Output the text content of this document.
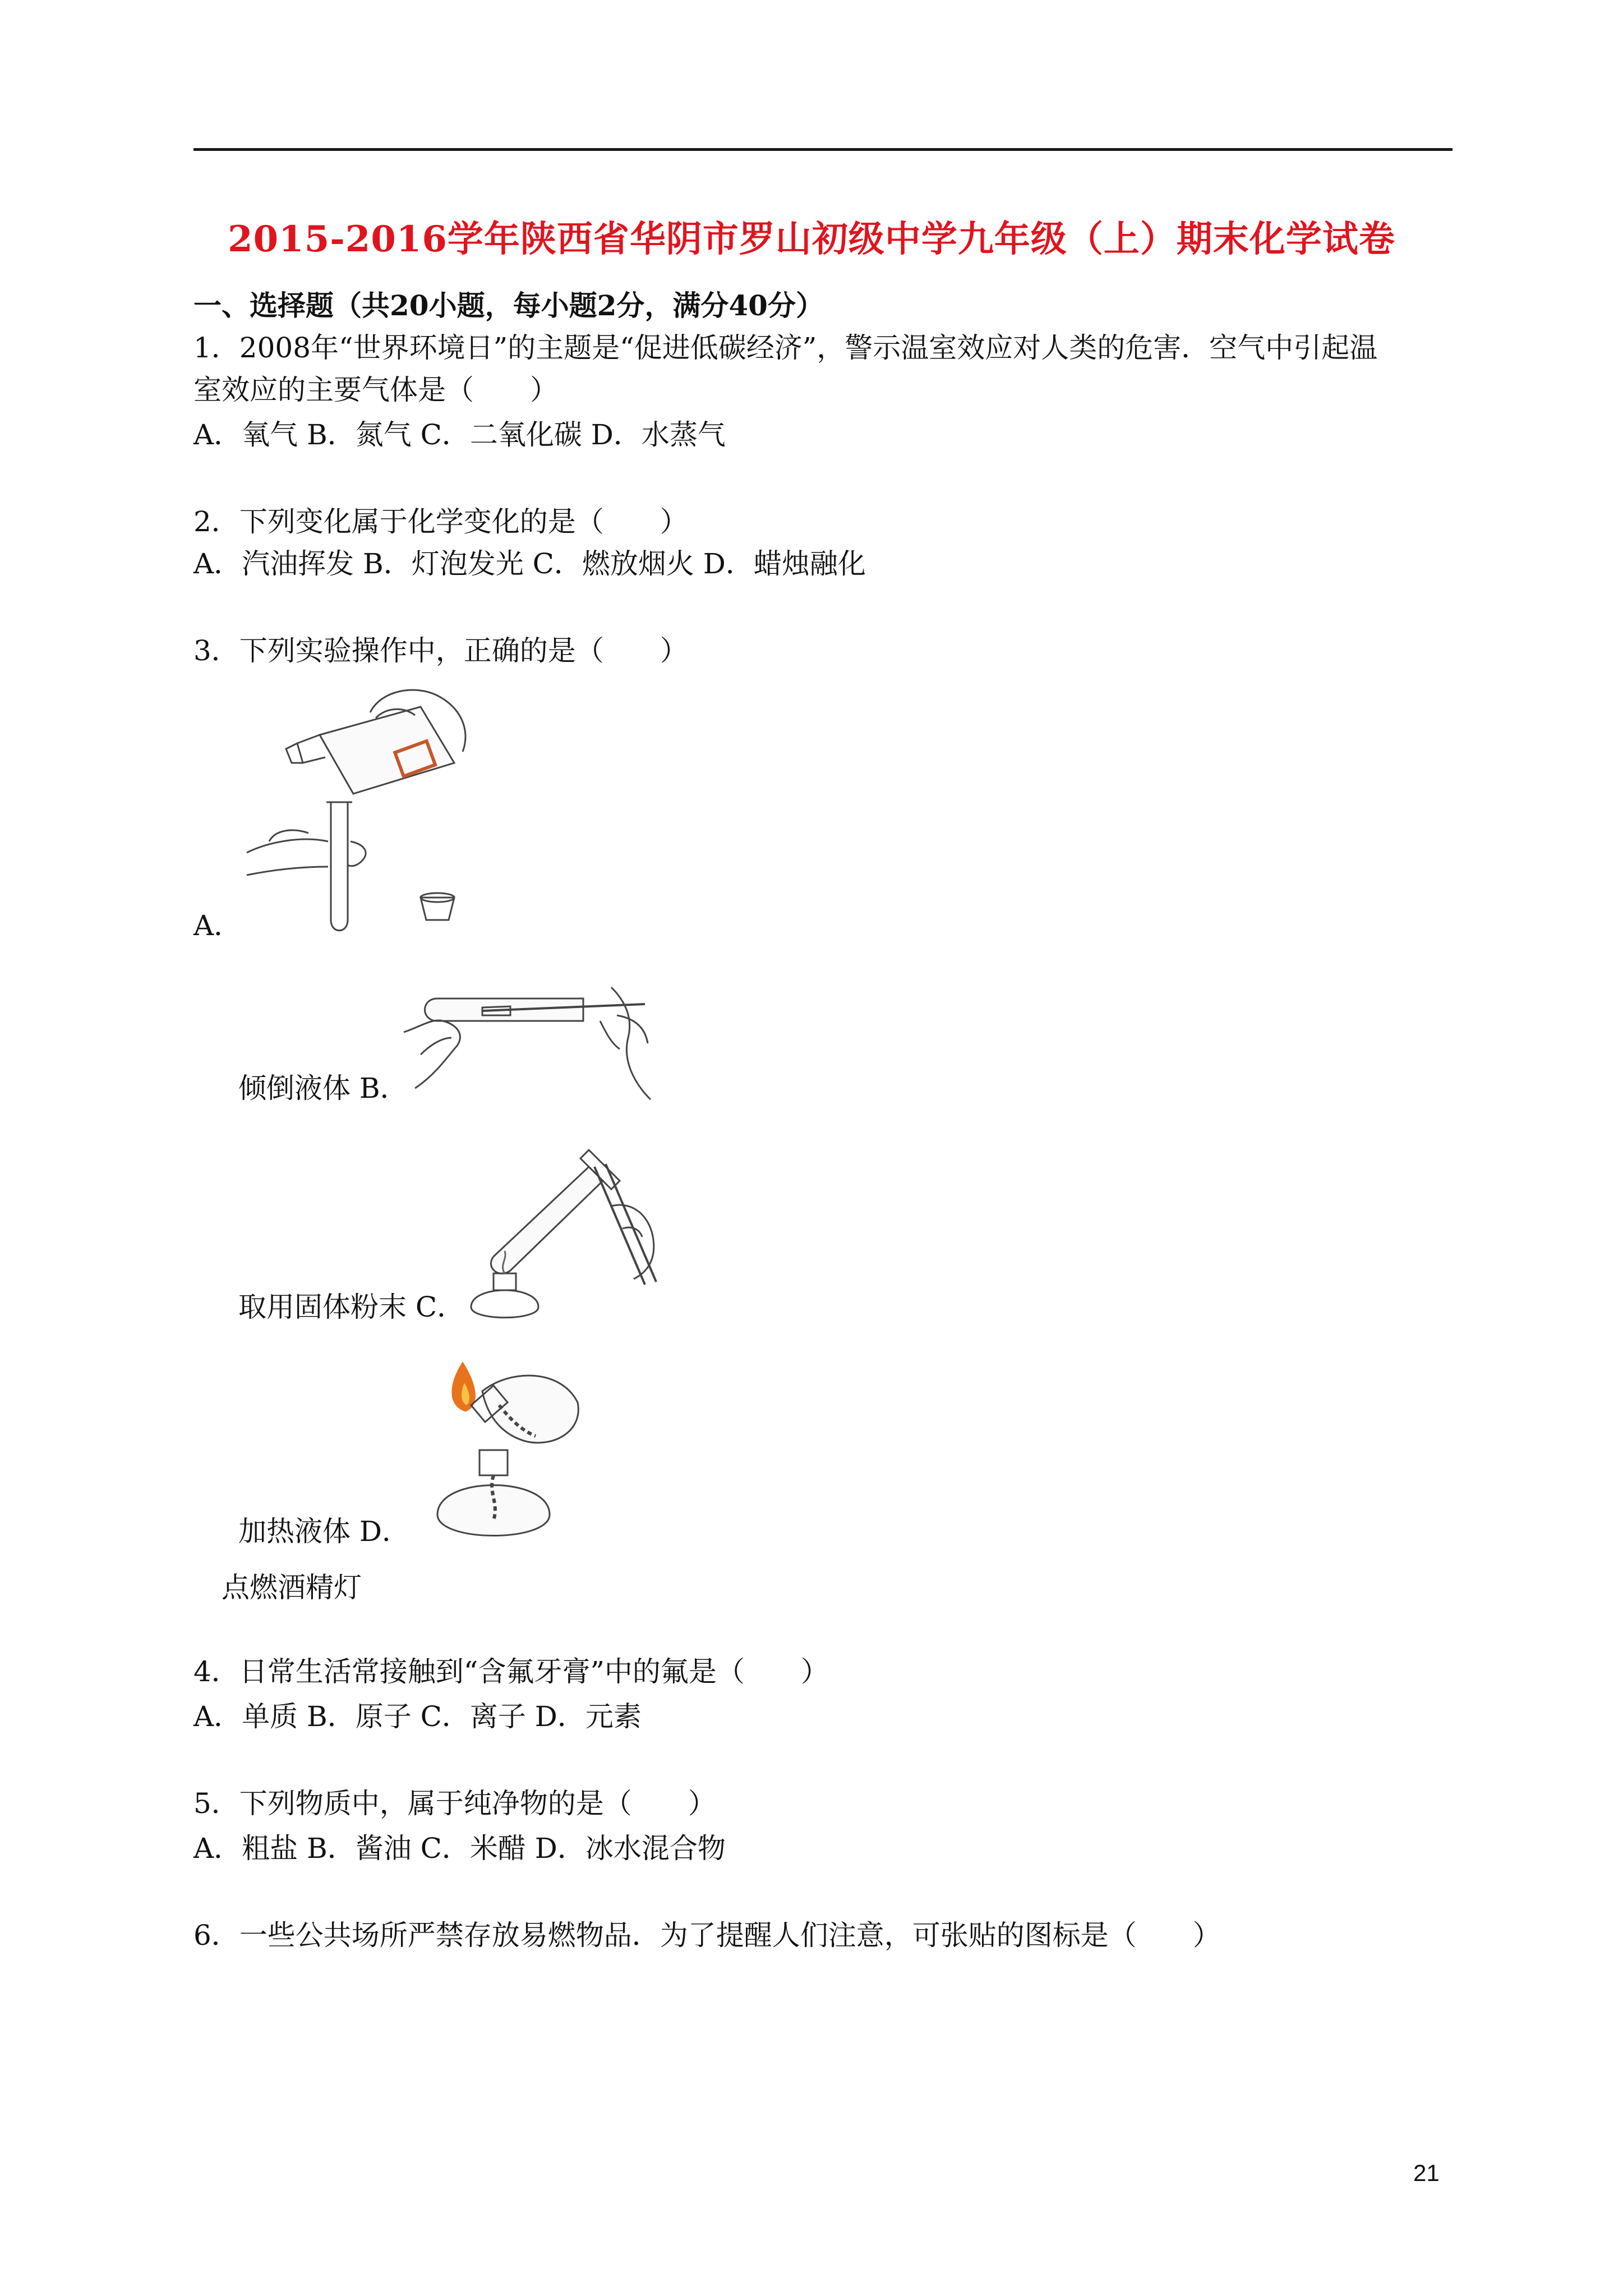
2015-2016学年陕西省华阴市罗山初级中学九年级（上）期末化学试卷
一、选择题（共20小题，每小题2分，满分40分）
1．2008年“世界环境日”的主题是“促进低碳经济”，警示温室效应对人类的危害．空气中引起温
室效应的主要气体是（　　）
A．氧气 B．氮气 C．二氧化碳 D．水蒸气
2．下列变化属于化学变化的是（　　）
A．汽油挥发 B．灯泡发光 C．燃放烟火 D．蜡烛融化
3．下列实验操作中，正确的是（　　）
A．
倾倒液体 B．
取用固体粉末 C．
加热液体 D．
点燃酒精灯
4．日常生活常接触到“含氟牙膏”中的氟是（　　）
A．单质 B．原子 C．离子 D．元素
5．下列物质中，属于纯净物的是（　　）
A．粗盐 B．酱油 C．米醋 D．冰水混合物
6．一些公共场所严禁存放易燃物品．为了提醒人们注意，可张贴的图标是（　　）
21
